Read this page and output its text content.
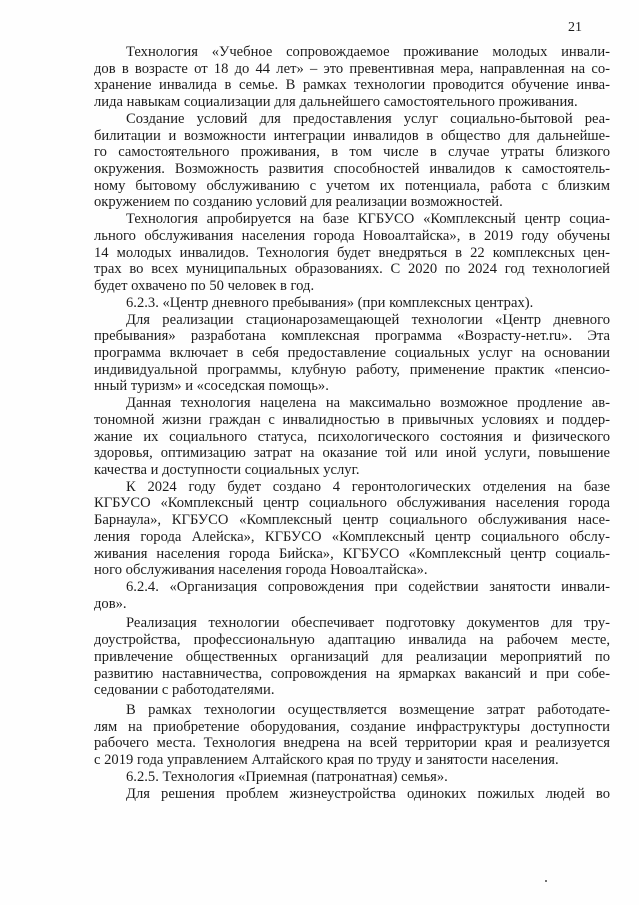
21
Технология «Учебное сопровождаемое проживание молодых инвали-
дов в возрасте от 18 до 44 лет» – это превентивная мера, направленная на со-
хранение инвалида в семье. В рамках технологии проводится обучение инва-
лида навыкам социализации для дальнейшего самостоятельного проживания.
Создание условий для предоставления услуг социально-бытовой реа-
билитации и возможности интеграции инвалидов в общество для дальнейше-
го самостоятельного проживания, в том числе в случае утраты близкого
окружения. Возможность развития способностей инвалидов к самостоятель-
ному бытовому обслуживанию с учетом их потенциала, работа с близким
окружением по созданию условий для реализации возможностей.
Технология апробируется на базе КГБУСО «Комплексный центр социа-
льного обслуживания населения города Новоалтайска», в 2019 году обучены
14 молодых инвалидов. Технология будет внедряться в 22 комплексных цен-
трах во всех муниципальных образованиях. С 2020 по 2024 год технологией
будет охвачено по 50 человек в год.
6.2.3. «Центр дневного пребывания» (при комплексных центрах).
Для реализации стационарозамещающей технологии «Центр дневного
пребывания» разработана комплексная программа «Возрасту-нет.ru». Эта
программа включает в себя предоставление социальных услуг на основании
индивидуальной программы, клубную работу, применение практик «пенсио-
нный туризм» и «соседская помощь».
Данная технология нацелена на максимально возможное продление ав-
тономной жизни граждан с инвалидностью в привычных условиях и поддер-
жание их социального статуса, психологического состояния и физического
здоровья, оптимизацию затрат на оказание той или иной услуги, повышение
качества и доступности социальных услуг.
К 2024 году будет создано 4 геронтологических отделения на базе
КГБУСО «Комплексный центр социального обслуживания населения города
Барнаула», КГБУСО «Комплексный центр социального обслуживания насе-
ления города Алейска», КГБУСО «Комплексный центр социального обслу-
живания населения города Бийска», КГБУСО «Комплексный центр социаль-
ного обслуживания населения города Новоалтайска».
6.2.4. «Организация сопровождения при содействии занятости инвали-
дов».
Реализация технологии обеспечивает подготовку документов для тру-
доустройства, профессиональную адаптацию инвалида на рабочем месте,
привлечение общественных организаций для реализации мероприятий по
развитию наставничества, сопровождения на ярмарках вакансий и при собе-
седовании с работодателями.
В рамках технологии осуществляется возмещение затрат работодате-
лям на приобретение оборудования, создание инфраструктуры доступности
рабочего места. Технология внедрена на всей территории края и реализуется
с 2019 года управлением Алтайского края по труду и занятости населения.
6.2.5. Технология «Приемная (патронатная) семья».
Для решения проблем жизнеустройства одиноких пожилых людей во
